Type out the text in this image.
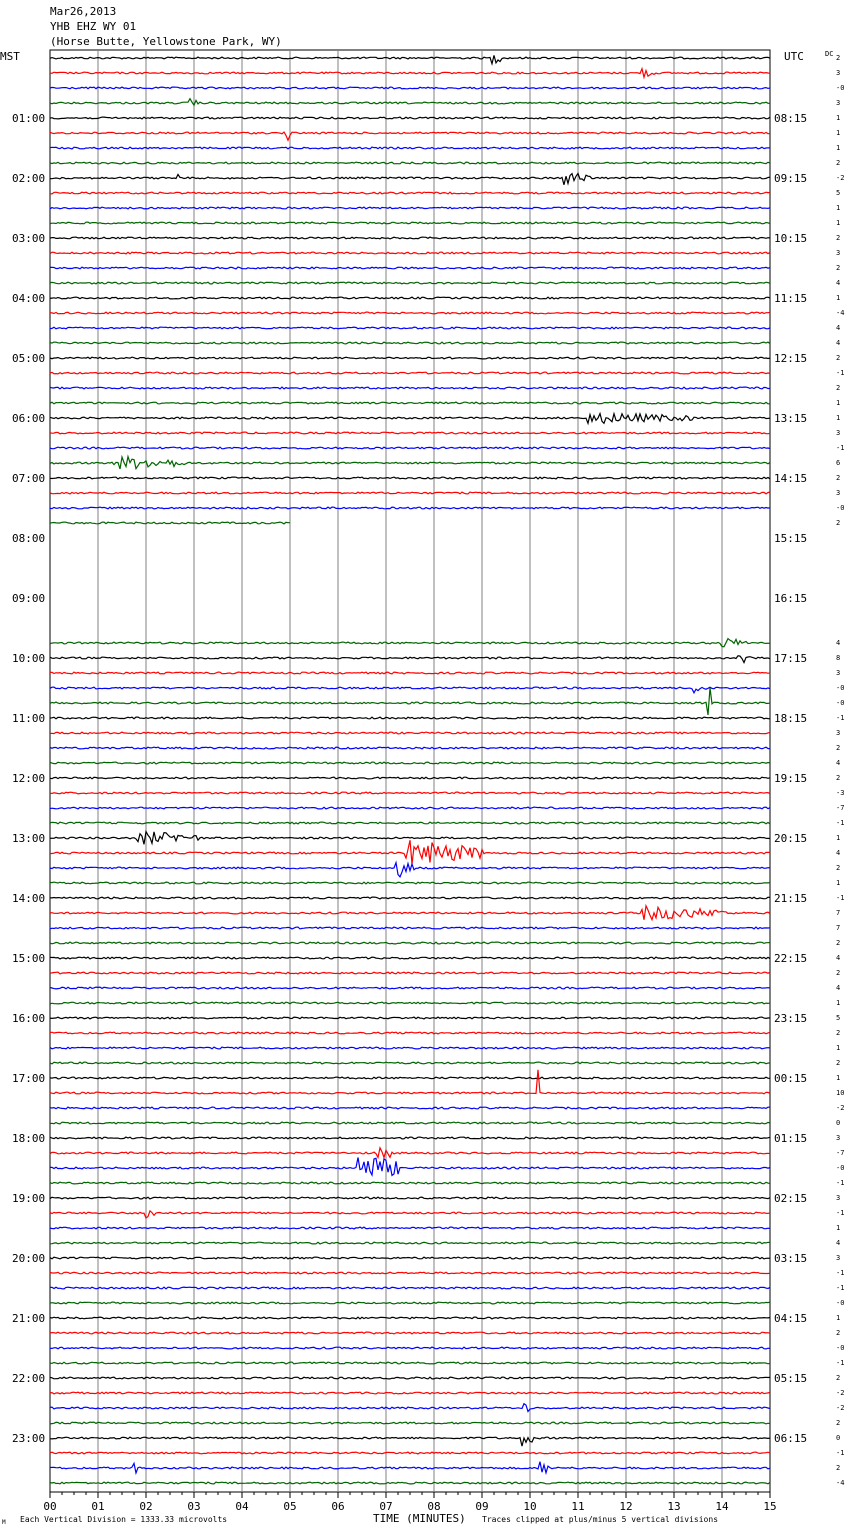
Mar26,2013
YHB EHZ WY 01
(Horse Butte, Yellowstone Park, WY)
MST	UTC	DC
00	01	02	03	04	05	06	07	08	09	10	11	12	13	14	15
01:00
02:00
03:00
04:00
05:00
06:00
07:00
08:00
09:00
10:00
11:00
12:00
13:00
14:00
15:00
16:00
17:00
18:00
19:00
20:00
21:00
22:00
23:00
08:15
09:15
10:15
11:15
12:15
13:15
14:15
15:15
16:15
17:15
18:15
19:15
20:15
21:15
22:15
23:15
00:15
01:15
02:15
03:15
04:15
05:15
06:15
2
3
-0
3
1
1
1
2
-2
5
1
1
2
3
2
4
1
-4
4
4
2
-1
2
1
1
3
-1
6
2
3
-0
2
4
8
3
-0
-0
-1
3
2
4
2
-3
-7
-1
1
4
2
1
-1
7
7
2
4
2
4
1
5
2
1
2
1
10
-2
0
3
-7
-0
-1
3
-1
1
4
3
-1
-1
-0
1
2
-0
-1
2
-2
-2
2
0
-1
2
-4
M Each Vertical Division = 1333.33 microvolts	TIME (MINUTES) Traces clipped at plus/minus 5 vertical divisions
